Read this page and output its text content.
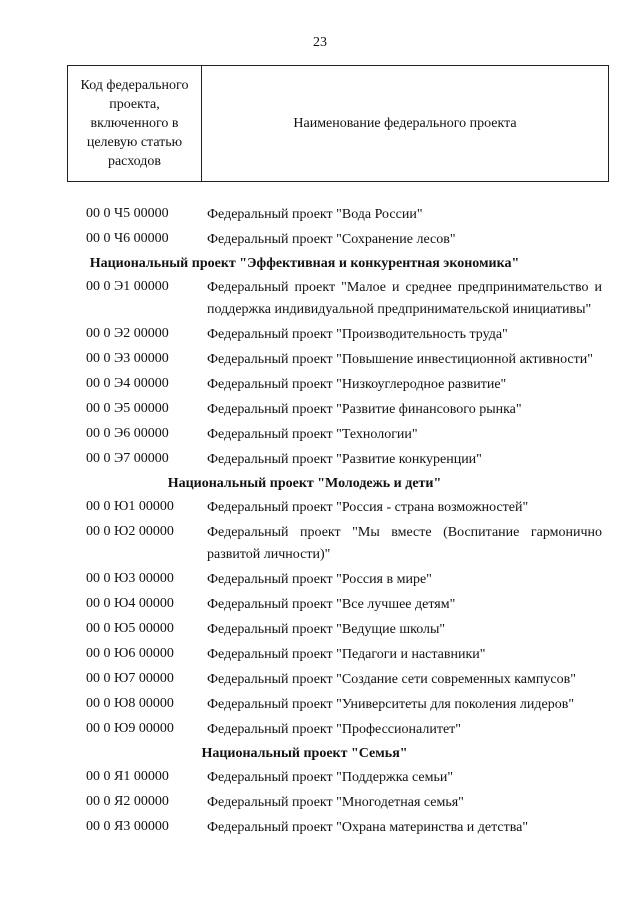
23
Код федерального проекта, включенного в целевую статью расходов
Наименование федерального проекта
00 0 Ч5 00000	Федеральный проект "Вода России"
00 0 Ч6 00000	Федеральный проект "Сохранение лесов"
Национальный проект "Эффективная и конкурентная экономика"
00 0 Э1 00000	Федеральный проект "Малое и среднее предпринимательство и поддержка индивидуальной предпринимательской инициативы"
00 0 Э2 00000	Федеральный проект "Производительность труда"
00 0 Э3 00000	Федеральный проект "Повышение инвестиционной активности"
00 0 Э4 00000	Федеральный проект "Низкоуглеродное развитие"
00 0 Э5 00000	Федеральный проект "Развитие финансового рынка"
00 0 Э6 00000	Федеральный проект "Технологии"
00 0 Э7 00000	Федеральный проект "Развитие конкуренции"
Национальный проект "Молодежь и дети"
00 0 Ю1 00000 Федеральный проект "Россия - страна возможностей"
00 0 Ю2 00000 Федеральный проект "Мы вместе (Воспитание гармонично развитой личности)"
00 0 Ю3 00000 Федеральный проект "Россия в мире"
00 0 Ю4 00000 Федеральный проект "Все лучшее детям"
00 0 Ю5 00000 Федеральный проект "Ведущие школы"
00 0 Ю6 00000 Федеральный проект "Педагоги и наставники"
00 0 Ю7 00000 Федеральный проект "Создание сети современных кампусов"
00 0 Ю8 00000 Федеральный проект "Университеты для поколения лидеров"
00 0 Ю9 00000 Федеральный проект "Профессионалитет"
Национальный проект "Семья"
00 0 Я1 00000	Федеральный проект "Поддержка семьи"
00 0 Я2 00000	Федеральный проект "Многодетная семья"
00 0 Я3 00000	Федеральный проект "Охрана материнства и детства"
